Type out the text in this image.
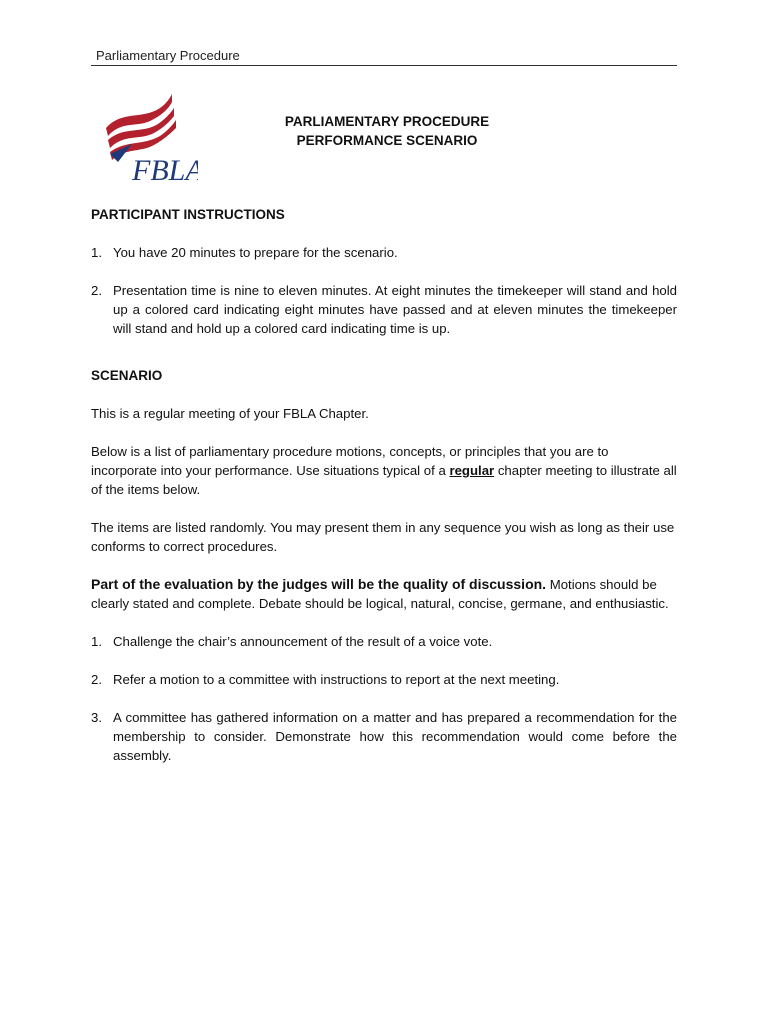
Parliamentary Procedure
FBLA
PARLIAMENTARY PROCEDURE
PERFORMANCE SCENARIO

PARTICIPANT INSTRUCTIONS

1. You have 20 minutes to prepare for the scenario.
2. Presentation time is nine to eleven minutes. At eight minutes the timekeeper will stand and hold up a colored card indicating eight minutes have passed and at eleven minutes the timekeeper will stand and hold up a colored card indicating time is up.

SCENARIO

This is a regular meeting of your FBLA Chapter.

Below is a list of parliamentary procedure motions, concepts, or principles that you are to incorporate into your performance. Use situations typical of a regular chapter meeting to illustrate all of the items below.

The items are listed randomly. You may present them in any sequence you wish as long as their use conforms to correct procedures.

Part of the evaluation by the judges will be the quality of discussion. Motions should be clearly stated and complete. Debate should be logical, natural, concise, germane, and enthusiastic.

1. Challenge the chair’s announcement of the result of a voice vote.
2. Refer a motion to a committee with instructions to report at the next meeting.
3. A committee has gathered information on a matter and has prepared a recommendation for the membership to consider. Demonstrate how this recommendation would come before the assembly.
